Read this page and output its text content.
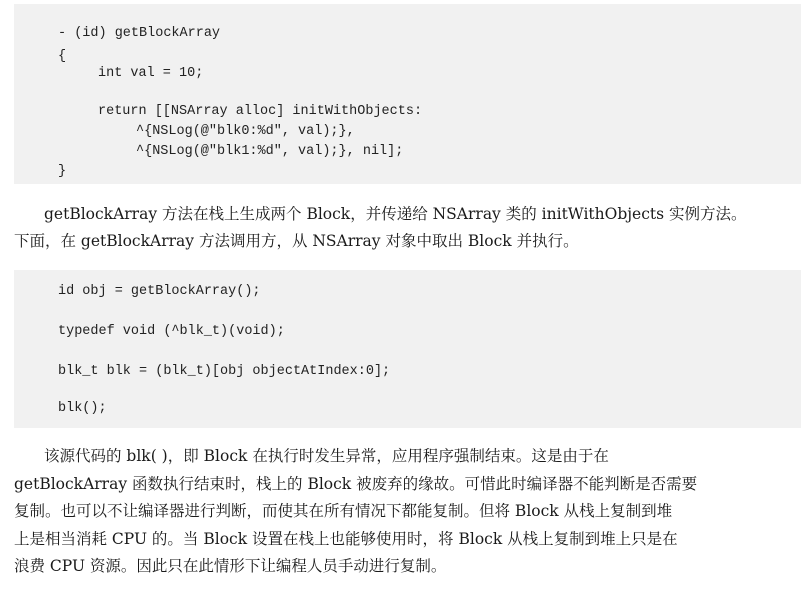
- (id) getBlockArray
{
int val = 10;
return [[NSArray alloc] initWithObjects:
^{NSLog(@"blk0:%d", val);},
^{NSLog(@"blk1:%d", val);}, nil];
}

getBlockArray 方法在栈上生成两个 Block，并传递给 NSArray 类的 initWithObjects 实例方法。

下面，在 getBlockArray 方法调用方，从 NSArray 对象中取出 Block 并执行。

id obj = getBlockArray();
typedef void (^blk_t)(void);
blk_t blk = (blk_t)[obj objectAtIndex:0];
blk();

该源代码的 blk( )，即 Block 在执行时发生异常，应用程序强制结束。这是由于在

getBlockArray 函数执行结束时，栈上的 Block 被废弃的缘故。可惜此时编译器不能判断是否需要

复制。也可以不让编译器进行判断，而使其在所有情况下都能复制。但将 Block 从栈上复制到堆

上是相当消耗 CPU 的。当 Block 设置在栈上也能够使用时，将 Block 从栈上复制到堆上只是在

浪费 CPU 资源。因此只在此情形下让编程人员手动进行复制。
